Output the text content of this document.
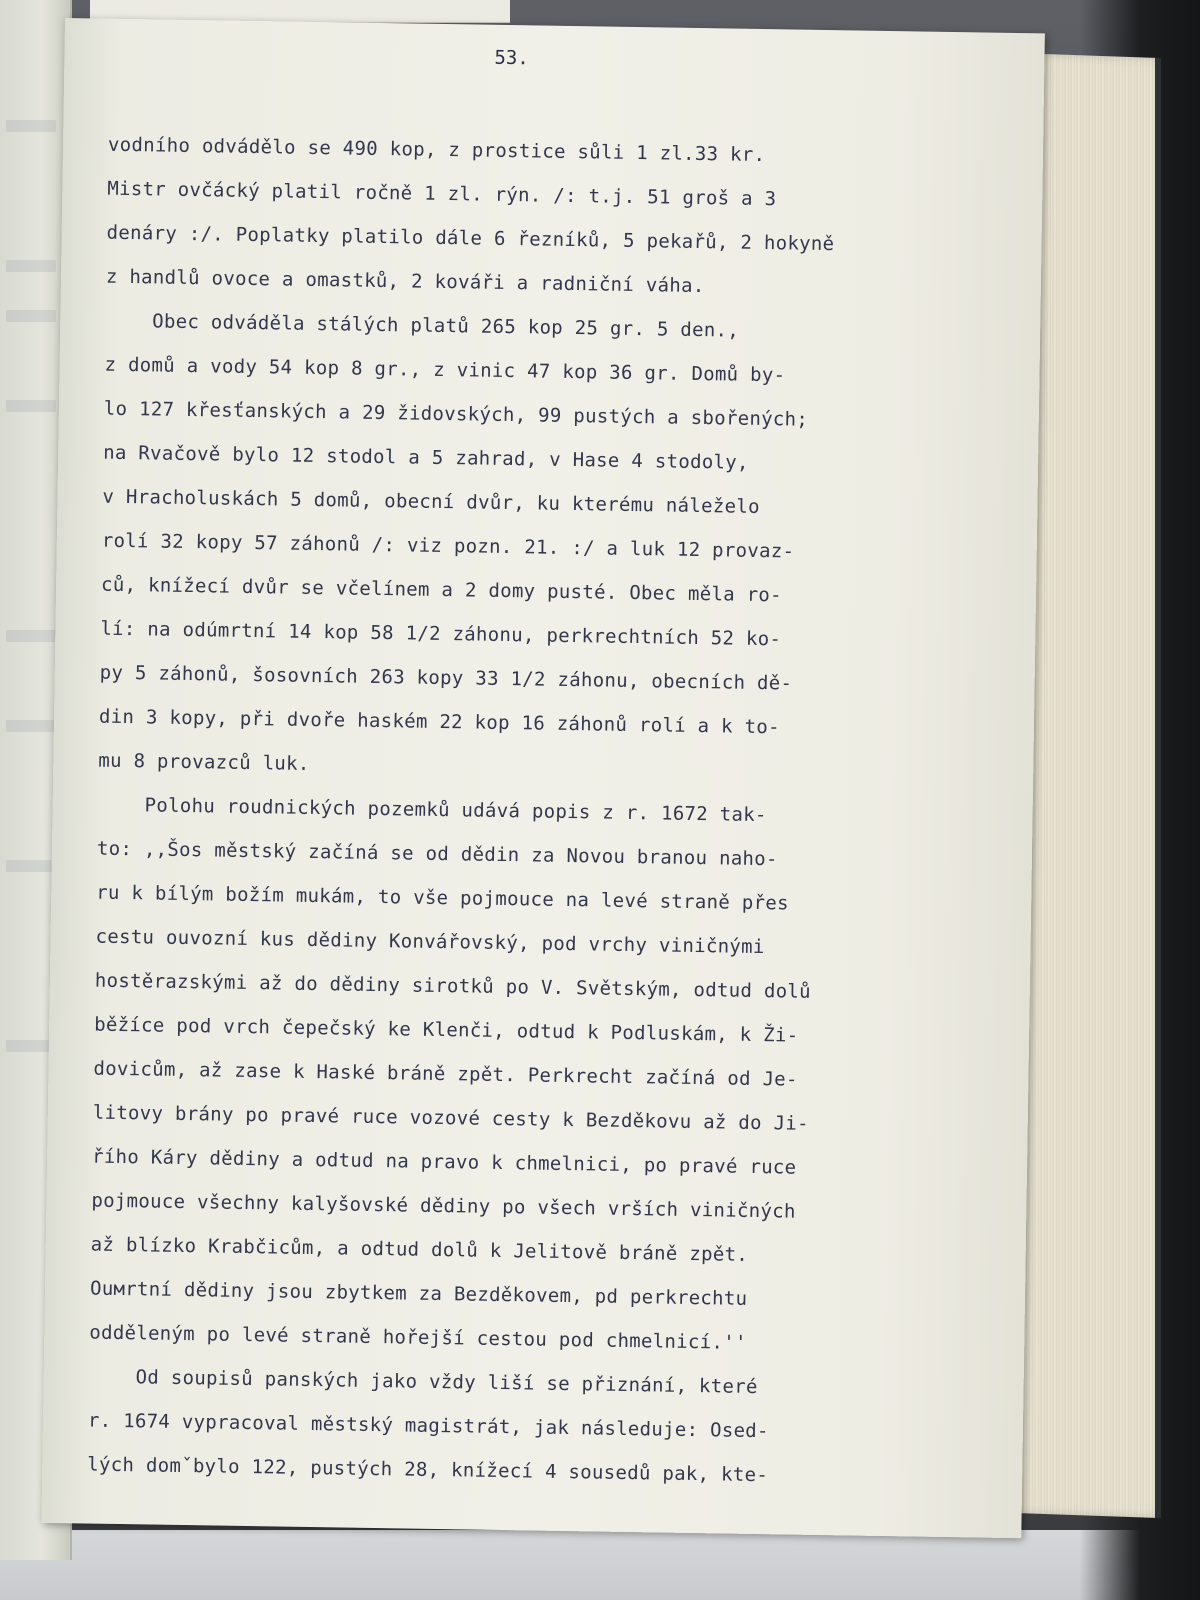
53.
vodního odvádělo se 490 kop, z prostice sůli 1 zl.33 kr.
Mistr ovčácký platil ročně 1 zl. rýn. /: t.j. 51 groš a 3
denáry :/. Poplatky platilo dále 6 řezníků, 5 pekařů, 2 hokyně
z handlů ovoce a omastků, 2 kováři a radniční váha.
Obec odváděla stálých platů 265 kop 25 gr. 5 den.,
z domů a vody 54 kop 8 gr., z vinic 47 kop 36 gr. Domů by-
lo 127 křesťanských a 29 židovských, 99 pustých a sbořených;
na Rvačově bylo 12 stodol a 5 zahrad, v Hase 4 stodoly,
v Hracholuskách 5 domů, obecní dvůr, ku kterému náleželo
rolí 32 kopy 57 záhonů /: viz pozn. 21. :/ a luk 12 provaz-
ců, knížecí dvůr se včelínem a 2 domy pusté. Obec měla ro-
lí: na odúmrtní 14 kop 58 1/2 záhonu, perkrechtních 52 ko-
py 5 záhonů, šosovních 263 kopy 33 1/2 záhonu, obecních dě-
din 3 kopy, při dvoře haském 22 kop 16 záhonů rolí a k to-
mu 8 provazců luk.
Polohu roudnických pozemků udává popis z r. 1672 tak-
to: ,,Šos městský začíná se od dědin za Novou branou naho-
ru k bílým božím mukám, to vše pojmouce na levé straně přes
cestu ouvozní kus dědiny Konvářovský, pod vrchy viničnými
hostěrazskými až do dědiny sirotků po V. Světským, odtud dolů
běžíce pod vrch čepečský ke Klenči, odtud k Podluskám, k Ži-
dovicům, až zase k Haské bráně zpět. Perkrecht začíná od Je-
litovy brány po pravé ruce vozové cesty k Bezděkovu až do Ji-
říhо Káry dědiny a odtud na pravo k chmelnici, po pravé ruce
pojmouce všechny kalyšovské dědiny po všech vrších viničných
až blízko Krabčicům, a odtud dolů k Jelitově bráně zpět.
Ouмrtní dědiny jsou zbytkem za Bezděkovem, pd perkrechtu
odděleným po levé straně hořejší cestou pod chmelnicí.''
Od soupisů panských jako vždy liší se přiznání, které
r. 1674 vypracoval městský magistrát, jak následuje: Osed-
lých domˇbylo 122, pustých 28, knížecí 4 sousedů pak, kte-
